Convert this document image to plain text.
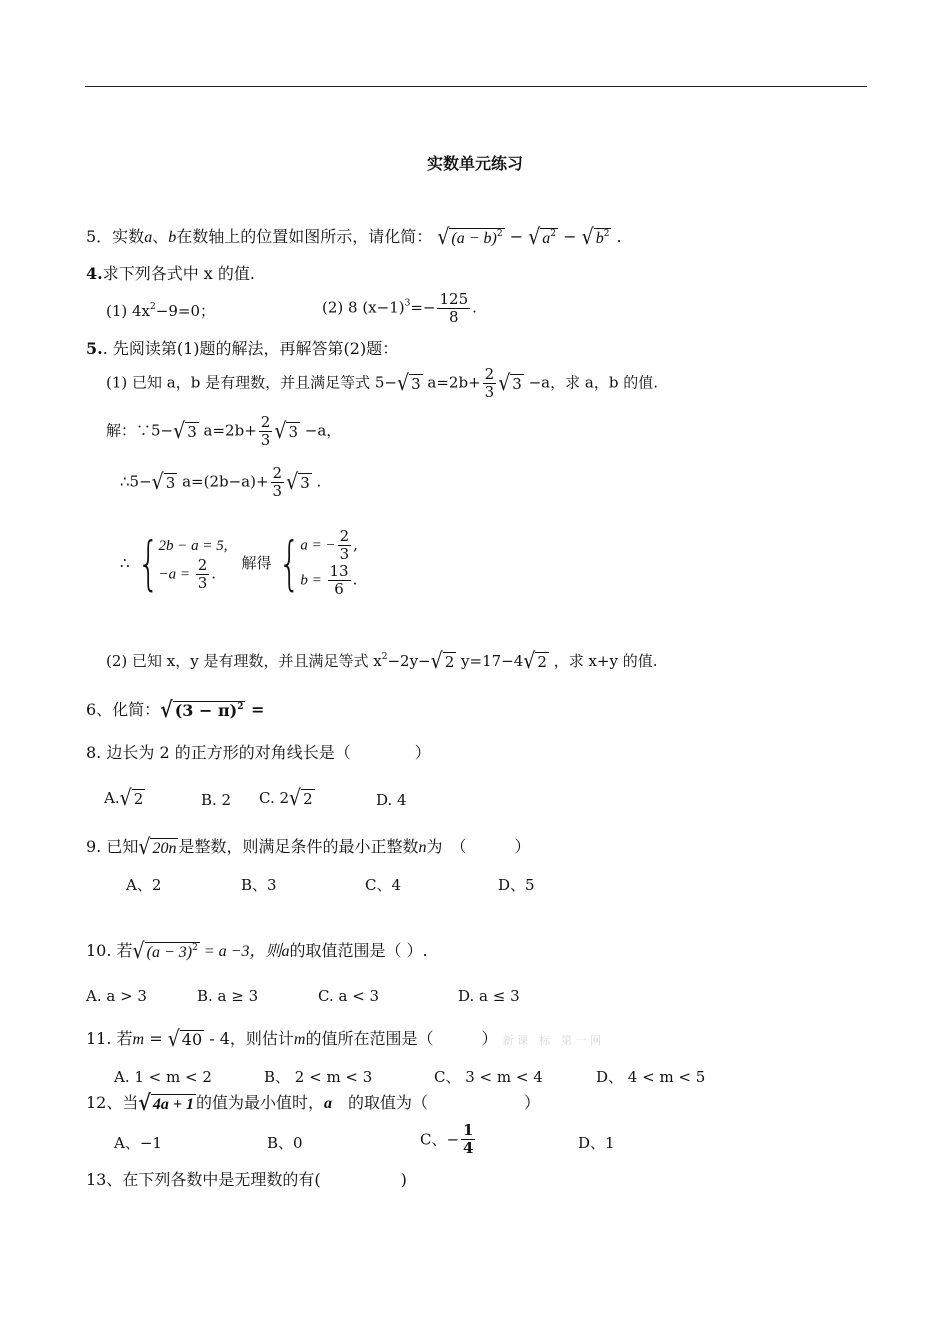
实数单元练习
5．实数a、b在数轴上的位置如图所示，请化简： √ $(a - b)^2$ − √ $a^2$ − √ $b^2$ .
4.求下列各式中 x 的值.
(1) $4x^2-9=0$；	(2) 8 $(x-1)^3=- \frac{125}{8}$ .
5.. 先阅读第(1)题的解法，再解答第(2)题：
(1) 已知 a，b 是有理数，并且满足等式 5−√ 3 $a=2b+ \frac{2}{3}$ √ 3 −a，求 a，b 的值.
解：∵5−√ 3 $a=2b+ \frac{2}{3}$ √ 3 −a，
∴5−√ 3 $a=(2b-a)+ \frac{2}{3}$ √ 3 .
∴ { 2b − a = 5,
$-a = \frac{2}{3}$ .
解得 { a = − $\frac{2}{3}$ ,
$b = \frac{13}{6}$ .
(2) 已知 x，y 是有理数，并且满足等式 $x^2-2y-√$ 2 y=17−4√ 2 ，求 x+y 的值.
6、化简：√ $(3 - \pi)^2$ =
8. 边长为 2 的正方形的对角线长是（　　　　）
A.√ 2	B. 2 C. 2√ 2	D. 4
9. 已知√ 20n 是整数，则满足条件的最小正整数n为　（　　　）
A、2	B、3	C、4	D、5
10. 若√ $(a - 3)^2 = a -3$，则a的取值范围是（ ）.
A. a > 3	B. a ≥ 3	C. a < 3	D. a ≤ 3
11. 若m = √ 40 - 4，则估计m的值所在范围是（　　　） 新 课　标　第 一 网
A. 1 < m < 2	B、 2 < m < 3	C、 3 < m < 4	D、 4 < m < 5
12、当√ 4a + 1 的值为最小值时，a　的取值为（　　　　　　）
A、−1	B、0	C、− $\frac{1}{4}$	D、1
13、在下列各数中是无理数的有(　　　　　)
